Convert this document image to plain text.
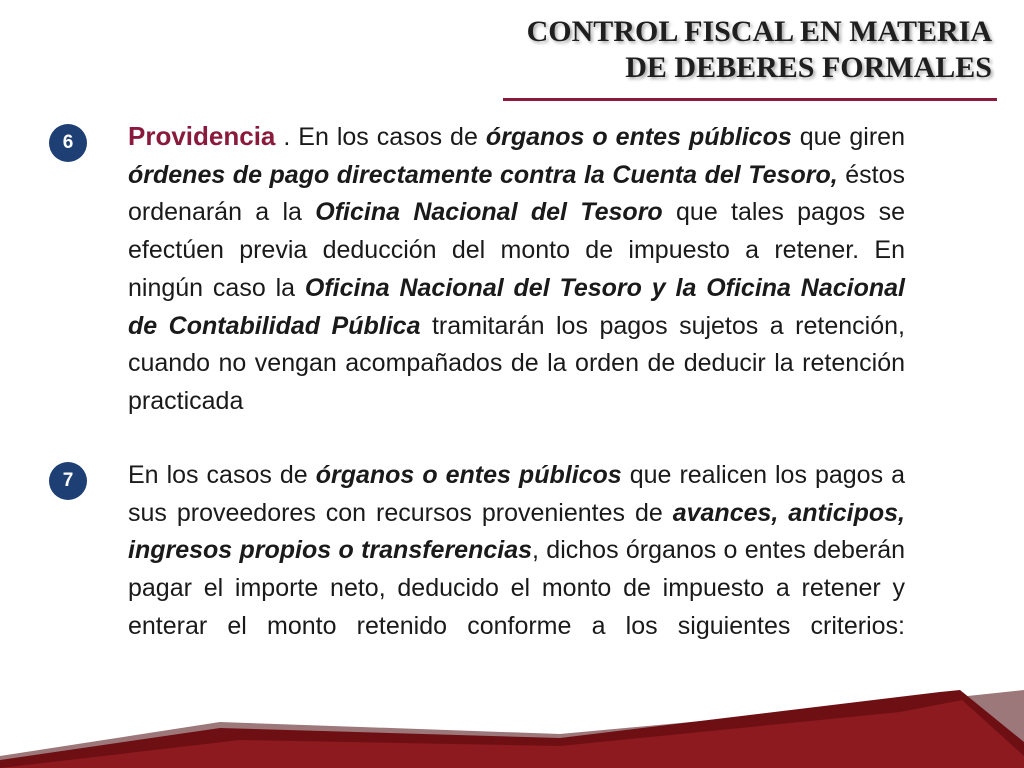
CONTROL FISCAL EN MATERIA
DE DEBERES FORMALES
6	Providencia . En los casos de órganos o entes públicos que giren órdenes de pago directamente contra la Cuenta del Tesoro, éstos ordenarán a la Oficina Nacional del Tesoro que tales pagos se efectúen previa deducción del monto de impuesto a retener. En ningún caso la Oficina Nacional del Tesoro y la Oficina Nacional de Contabilidad Pública tramitarán los pagos sujetos a retención, cuando no vengan acompañados de la orden de deducir la retención practicada
7	En los casos de órganos o entes públicos que realicen los pagos a sus proveedores con recursos provenientes de avances, anticipos, ingresos propios o transferencias, dichos órganos o entes deberán pagar el importe neto, deducido el monto de impuesto a retener y enterar el monto retenido conforme a los siguientes criterios:
